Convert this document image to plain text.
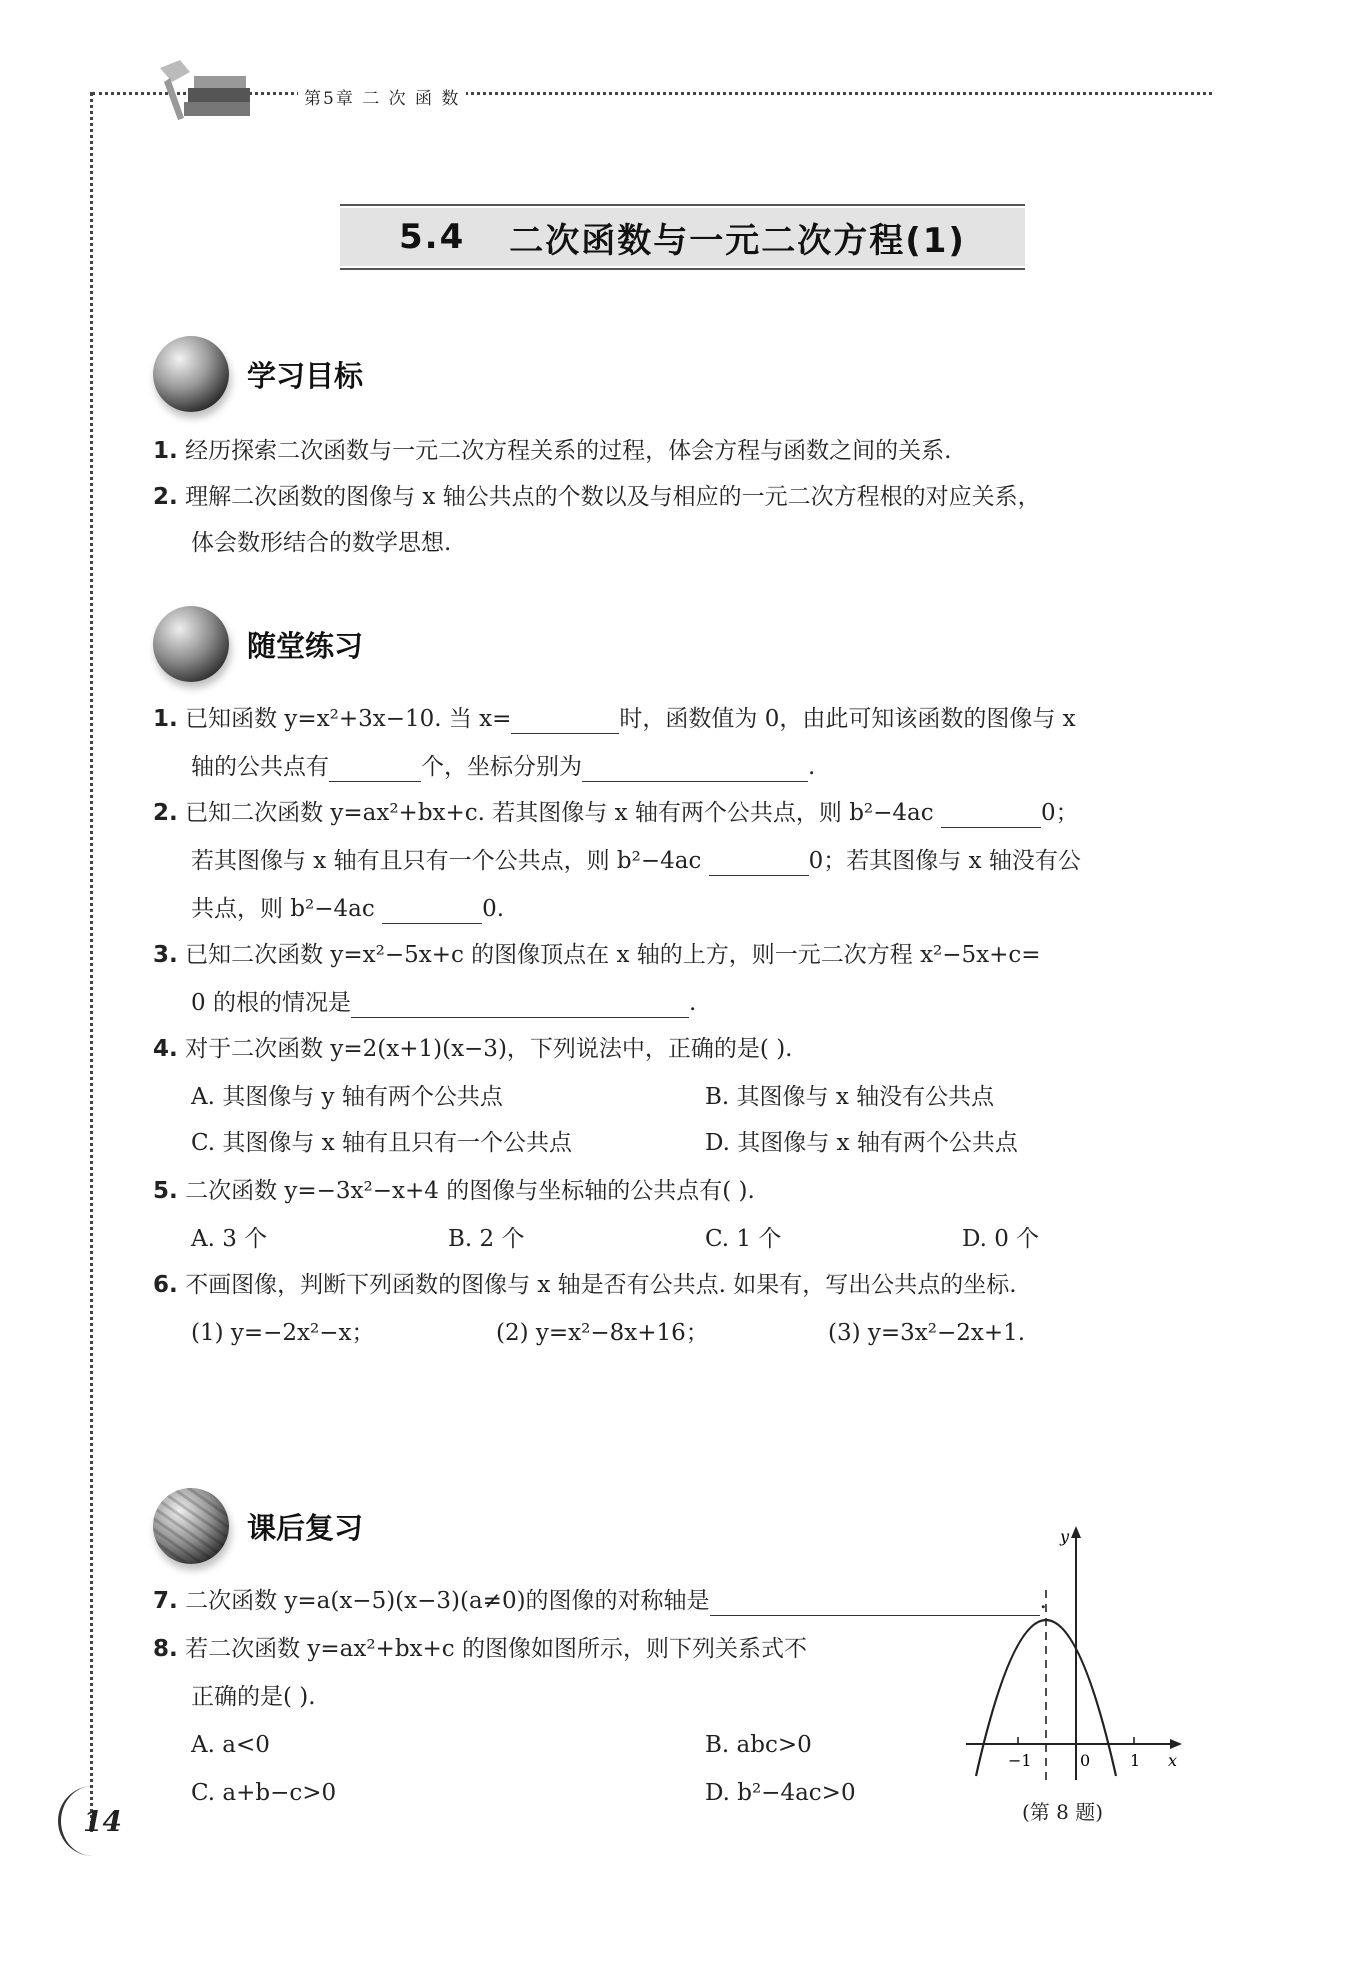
第5章 二 次 函 数
5.4 二次函数与一元二次方程(1)
学习目标
1. 经历探索二次函数与一元二次方程关系的过程，体会方程与函数之间的关系.
2. 理解二次函数的图像与 x 轴公共点的个数以及与相应的一元二次方程根的对应关系，
体会数形结合的数学思想.
随堂练习
1. 已知函数 y=x²+3x−10. 当 x=	时，函数值为 0，由此可知该函数的图像与 x
轴的公共点有	个，坐标分别为	.
2. 已知二次函数 y=ax²+bx+c. 若其图像与 x 轴有两个公共点，则 b²−4ac	0；
若其图像与 x 轴有且只有一个公共点，则 b²−4ac	0；若其图像与 x 轴没有公
共点，则 b²−4ac	0.
3. 已知二次函数 y=x²−5x+c 的图像顶点在 x 轴的上方，则一元二次方程 x²−5x+c=
0 的根的情况是	.
4. 对于二次函数 y=2(x+1)(x−3)，下列说法中，正确的是( ).
A. 其图像与 y 轴有两个公共点	B. 其图像与 x 轴没有公共点
C. 其图像与 x 轴有且只有一个公共点	D. 其图像与 x 轴有两个公共点
5. 二次函数 y=−3x²−x+4 的图像与坐标轴的公共点有( ).
A. 3 个	B. 2 个	C. 1 个	D. 0 个
6. 不画图像，判断下列函数的图像与 x 轴是否有公共点. 如果有，写出公共点的坐标.
(1) y=−2x²−x；	(2) y=x²−8x+16；	(3) y=3x²−2x+1.
课后复习
7. 二次函数 y=a(x−5)(x−3)(a≠0)的图像的对称轴是	.
8. 若二次函数 y=ax²+bx+c 的图像如图所示，则下列关系式不
正确的是( ).
A. a<0	B. abc>0
C. a+b−c>0	D. b²−4ac>0
−1	0 1 x
y
(第 8 题)
14
